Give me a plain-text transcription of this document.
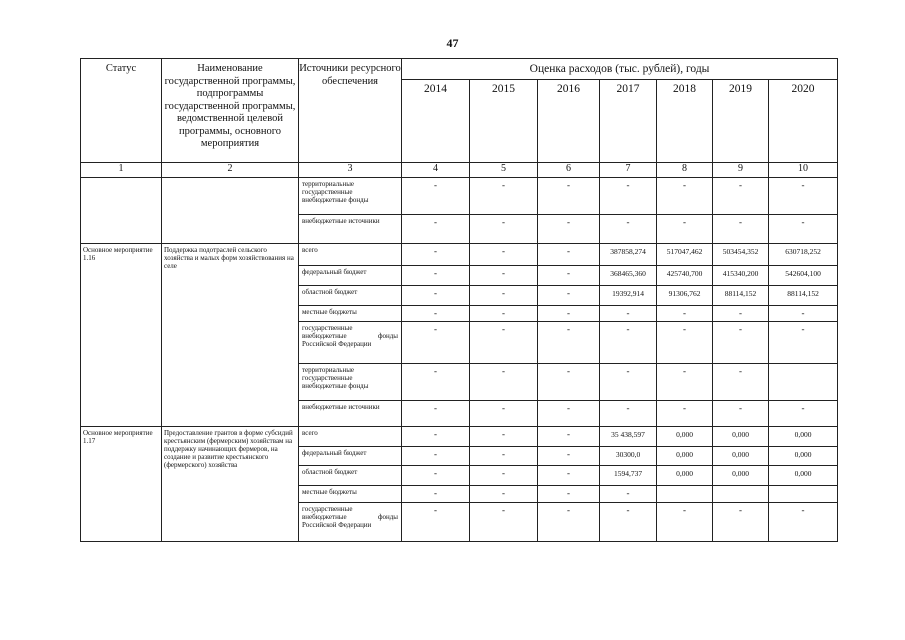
47
Статус	Наименование государственной программы, подпрограммы государственной программы, ведомственной целевой программы, основного мероприятия	Источники ресурсного обеспечения	Оценка расходов (тыс. рублей), годы						
			2014	2015	2016	2017	2018	2019	2020
1	2	3	4	5	6	7	8	9	10
		территориальные государственные внебюджетные фонды	-	-	-	-	-	-	-
		внебюджетные источники	-	-	-	-	-	-	-
Основное мероприятие 1.16	Поддержка подотраслей сельского хозяйства и малых форм хозяйствования на селе	всего	-	-	-	387858,274	517047,462	503454,352	630718,252
		федеральный бюджет	-	-	-	368465,360	425740,700	415340,200	542604,100
		областной бюджет	-	-	-	19392,914	91306,762	88114,152	88114,152
		местные бюджеты	-	-	-	-	-	-	-
		государственные внебюджетные фонды Российской Федерации	-	-	-	-	-	-	-
		территориальные государственные внебюджетные фонды	-	-	-	-	-	-	
		внебюджетные источники	-	-	-	-	-	-	-
Основное мероприятие 1.17	Предоставление грантов в форме субсидий крестьянским (фермерским) хозяйствам на поддержку начинающих фермеров, на создание и развитие крестьянского (фермерского) хозяйства	всего	-	-	-	35 438,597	0,000	0,000	0,000
		федеральный бюджет	-	-	-	30300,0	0,000	0,000	0,000
		областной бюджет	-	-	-	1594,737	0,000	0,000	0,000
		местные бюджеты	-	-	-	-			
		государственные внебюджетные фонды Российской Федерации	-	-	-	-	-	-	-
